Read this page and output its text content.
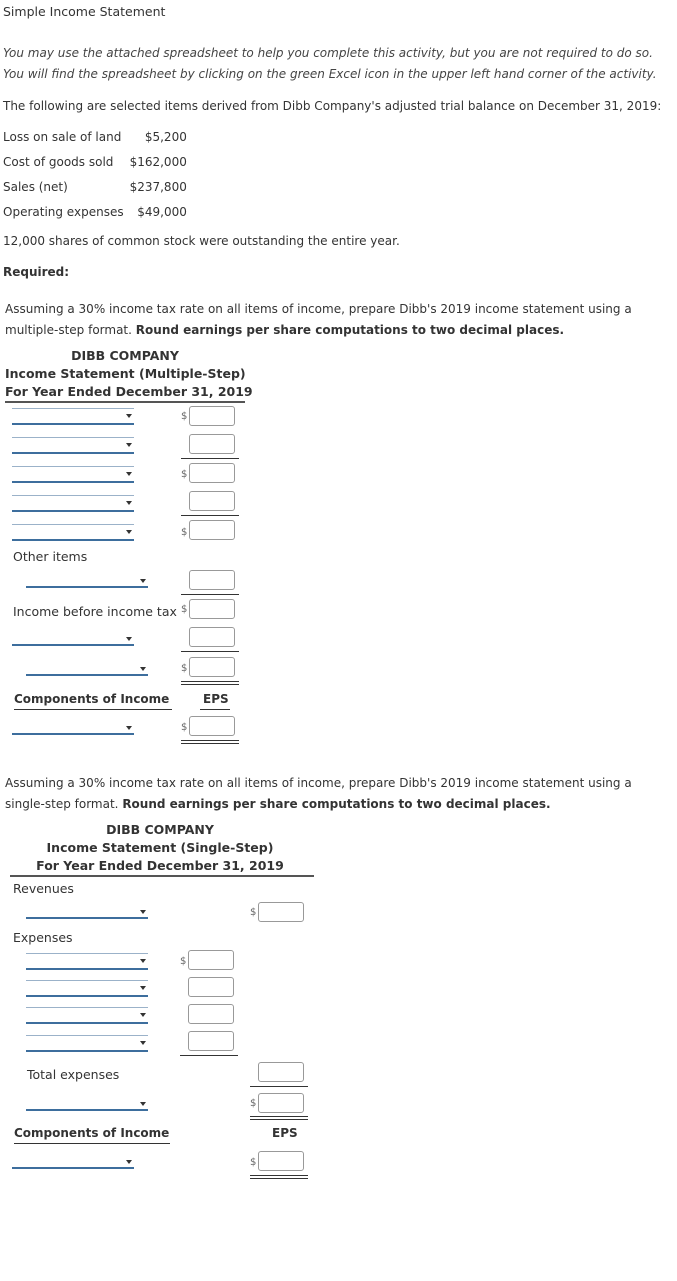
Simple Income Statement
You may use the attached spreadsheet to help you complete this activity, but you are not required to do so.
You will find the spreadsheet by clicking on the green Excel icon in the upper left hand corner of the activity.
The following are selected items derived from Dibb Company's adjusted trial balance on December 31, 2019:
Loss on sale of land	$5,200
Cost of goods sold	$162,000
Sales (net)	$237,800
Operating expenses	$49,000
12,000 shares of common stock were outstanding the entire year.
Required:
Assuming a 30% income tax rate on all items of income, prepare Dibb's 2019 income statement using a
multiple-step format. Round earnings per share computations to two decimal places.
DIBB COMPANY
Income Statement (Multiple-Step)
For Year Ended December 31, 2019
$
$
$
Other items
Income before income tax $
$
Components of Income	EPS
$
Assuming a 30% income tax rate on all items of income, prepare Dibb's 2019 income statement using a
single-step format. Round earnings per share computations to two decimal places.
DIBB COMPANY
Income Statement (Single-Step)
For Year Ended December 31, 2019
Revenues
$
Expenses
$
Total expenses
$
Components of Income	EPS
$
